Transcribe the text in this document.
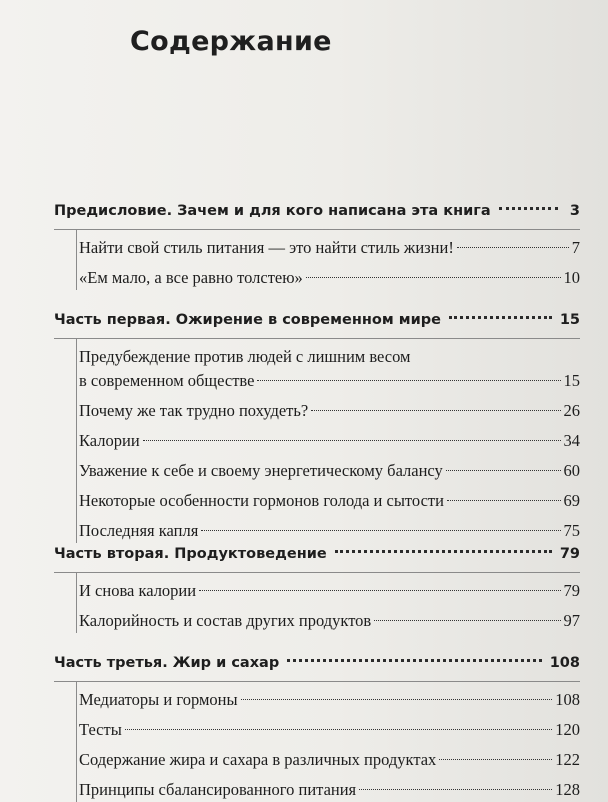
Содержание
Предисловие. Зачем и для кого написана эта книга	3
Найти свой стиль питания — это найти стиль жизни!	7
«Ем мало, а все равно толстею»	10
Часть первая. Ожирение в современном мире	15
Предубеждение против людей с лишним весом
в современном обществе	15
Почему же так трудно похудеть?	26
Калории	34
Уважение к себе и своему энергетическому балансу	60
Некоторые особенности гормонов голода и сытости	69
Последняя капля	75
Часть вторая. Продуктоведение	79
И снова калории	79
Калорийность и состав других продуктов	97
Часть третья. Жир и сахар	108
Медиаторы и гормоны	108
Тесты	120
Содержание жира и сахара в различных продуктах	122
Принципы сбалансированного питания	128
